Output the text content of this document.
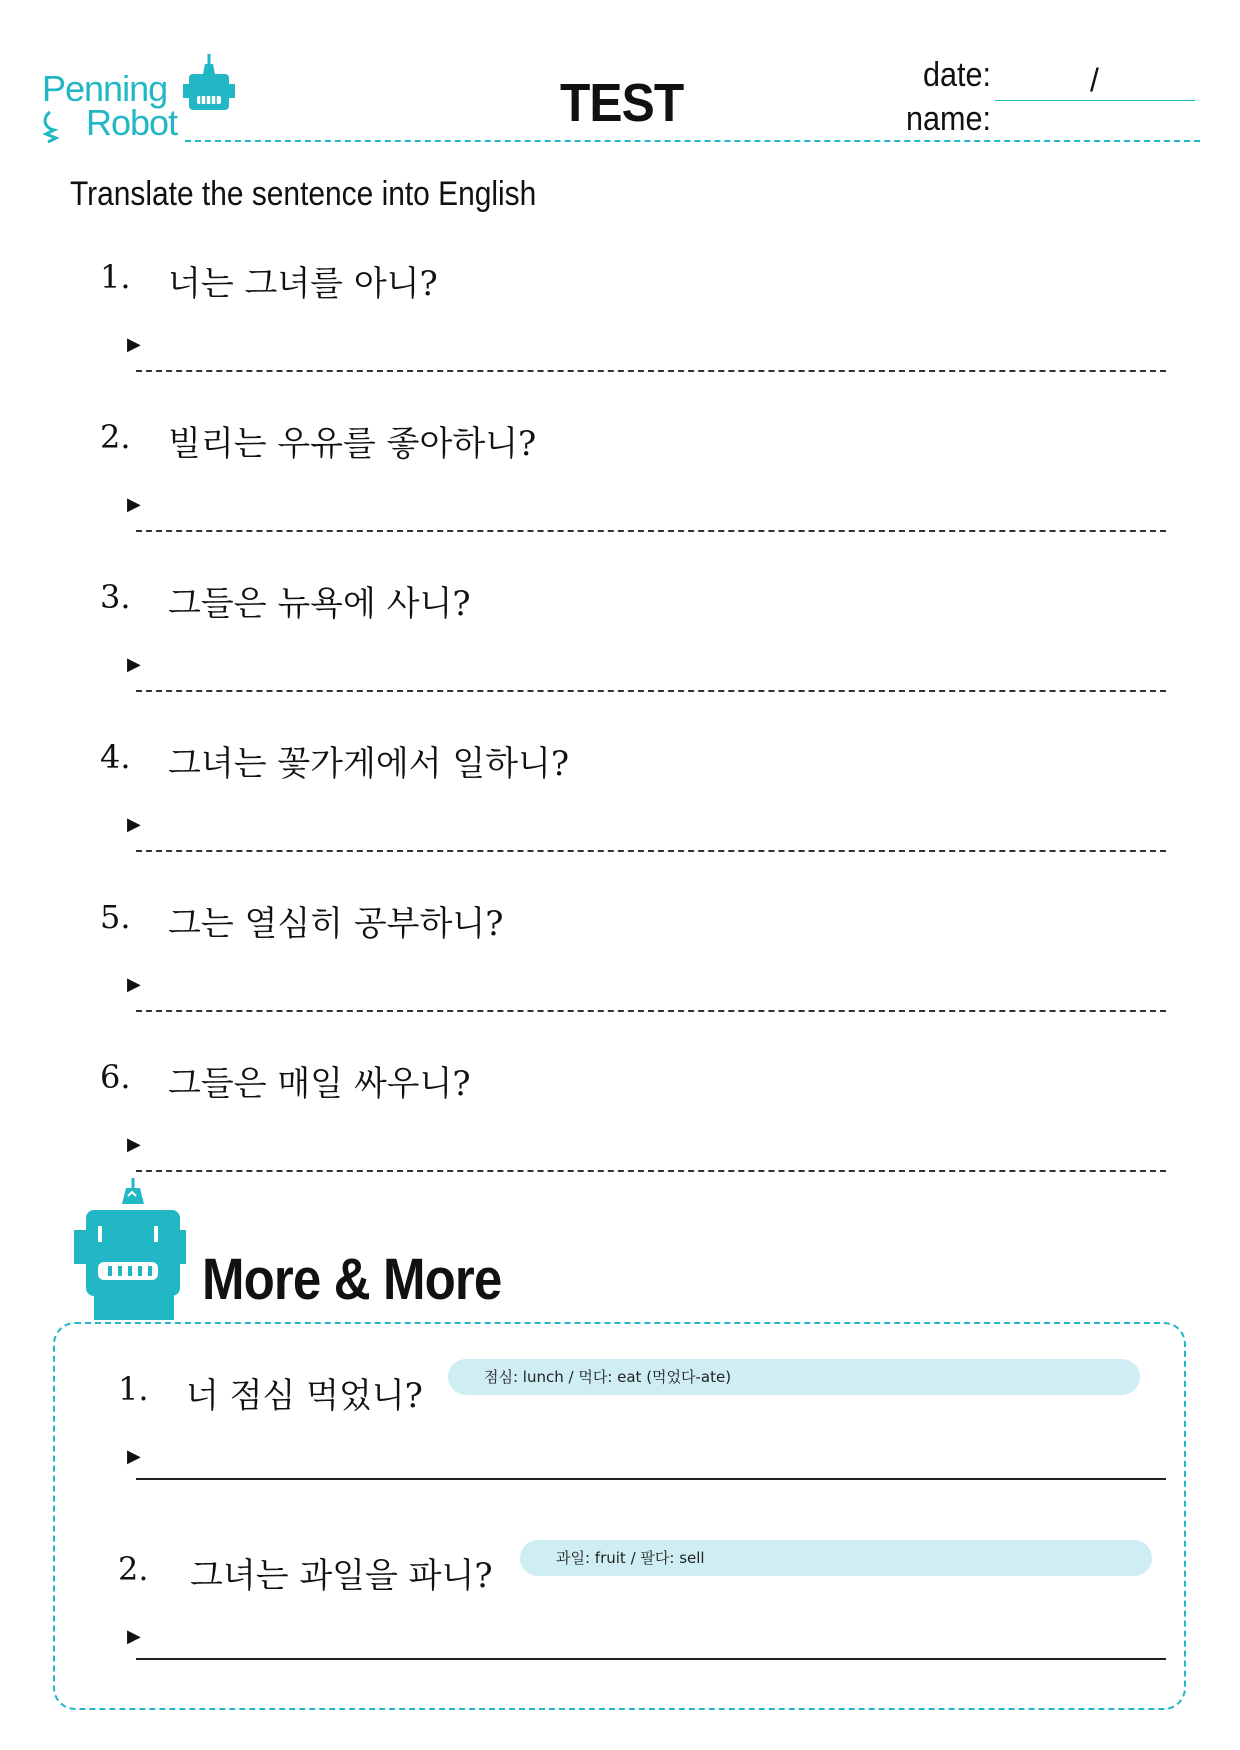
Penning
Robot	TEST	date:
name:
/
Translate the sentence into English
1. 너는 그녀를 아니?
▶
2. 빌리는 우유를 좋아하니?
▶
3. 그들은 뉴욕에 사니?
▶
4. 그녀는 꽃가게에서 일하니?
▶
5. 그는 열심히 공부하니?
▶
6. 그들은 매일 싸우니?
▶
More & More
1. 너 점심 먹었니?	점심: lunch / 먹다: eat (먹었다-ate)
▶
2. 그녀는 과일을 파니?	과일: fruit / 팔다: sell
▶
